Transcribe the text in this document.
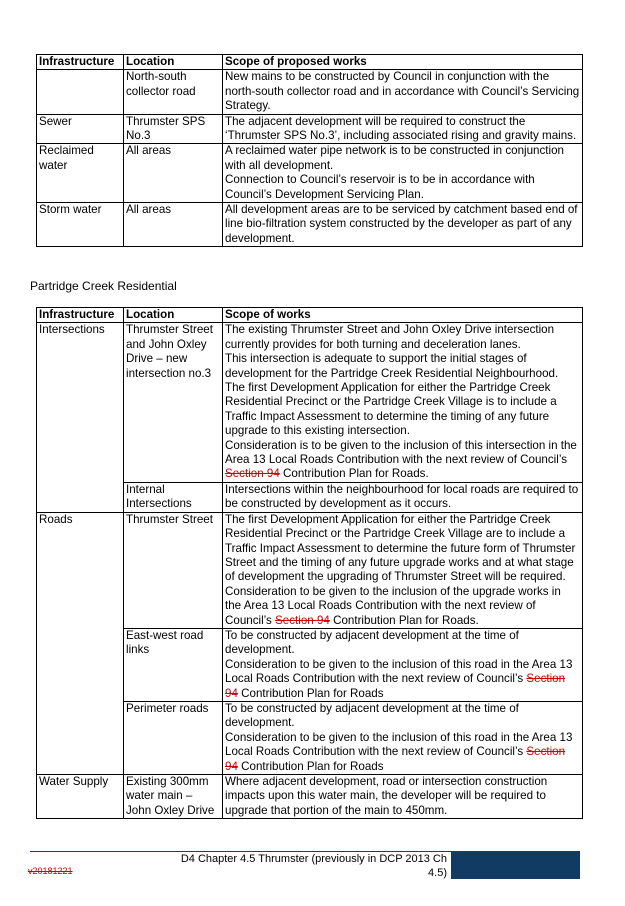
Infrastructure	Location	Scope of proposed works
	North-south collector road	New mains to be constructed by Council in conjunction with the north-south collector road and in accordance with Council’s Servicing Strategy.

Sewer	Thrumster SPS No.3	The adjacent development will be required to construct the ‘Thrumster SPS No.3’, including associated rising and gravity mains.

Reclaimed water	All areas	A reclaimed water pipe network is to be constructed in conjunction with all development.
Connection to Council’s reservoir is to be in accordance with Council’s Development Servicing Plan.

Storm water	All areas	All development areas are to be serviced by catchment based end of line bio-filtration system constructed by the developer as part of any development.
Partridge Creek Residential
Infrastructure	Location	Scope of works
Intersections	Thrumster Street and John Oxley Drive – new intersection no.3	The existing Thrumster Street and John Oxley Drive intersection currently provides for both turning and deceleration lanes.
This intersection is adequate to support the initial stages of development for the Partridge Creek Residential Neighbourhood.
The first Development Application for either the Partridge Creek Residential Precinct or the Partridge Creek Village is to include a Traffic Impact Assessment to determine the timing of any future upgrade to this existing intersection.
Consideration is to be given to the inclusion of this intersection in the Area 13 Local Roads Contribution with the next review of Council’s Section 94 Contribution Plan for Roads.

	Internal Intersections	Intersections within the neighbourhood for local roads are required to be constructed by development as it occurs.

Roads	Thrumster Street	The first Development Application for either the Partridge Creek Residential Precinct or the Partridge Creek Village are to include a Traffic Impact Assessment to determine the future form of Thrumster Street and the timing of any future upgrade works and at what stage of development the upgrading of Thrumster Street will be required.
Consideration to be given to the inclusion of the upgrade works in the Area 13 Local Roads Contribution with the next review of Council’s Section 94 Contribution Plan for Roads.

	East-west road links	To be constructed by adjacent development at the time of development.
Consideration to be given to the inclusion of this road in the Area 13 Local Roads Contribution with the next review of Council’s Section 94 Contribution Plan for Roads

	Perimeter roads	To be constructed by adjacent development at the time of development.
Consideration to be given to the inclusion of this road in the Area 13 Local Roads Contribution with the next review of Council’s Section 94 Contribution Plan for Roads

Water Supply	Existing 300mm water main – John Oxley Drive	Where adjacent development, road or intersection construction impacts upon this water main, the developer will be required to upgrade that portion of the main to 450mm.
D4 Chapter 4.5 Thrumster (previously in DCP 2013 Ch 4.5)
v20181221
